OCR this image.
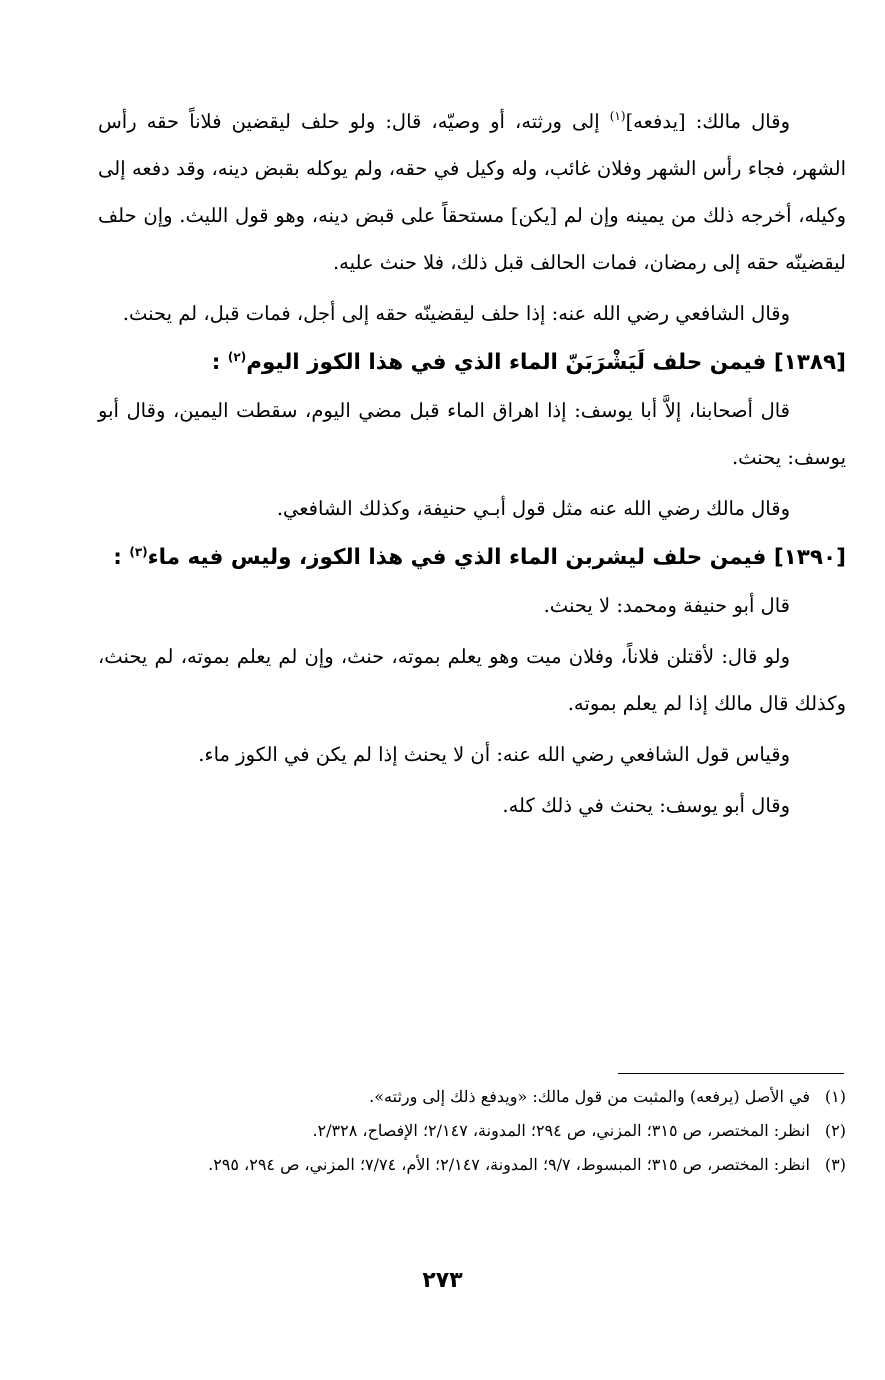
وقال مالك: [يدفعه]$^{(١)}$ إلى ورثته، أو وصيّه، قال: ولو حلف ليقضين فلاناً حقه رأس الشهر، فجاء رأس الشهر وفلان غائب، وله وكيل في حقه، ولم يوكله بقبض دينه، وقد دفعه إلى وكيله، أخرجه ذلك من يمينه وإن لم [يكن] مستحقاً على قبض دينه، وهو قول الليث. وإن حلف ليقضينّه حقه إلى رمضان، فمات الحالف قبل ذلك، فلا حنث عليه.

وقال الشافعي رضي الله عنه: إذا حلف ليقضينّه حقه إلى أجل، فمات قبل، لم يحنث.

[١٣٨٩] فيمن حلف لَيَشْرَبَنّ الماء الذي في هذا الكوز اليوم$^{(٢)}$ :

قال أصحابنا، إلاَّ أبا يوسف: إذا اهراق الماء قبل مضي اليوم، سقطت اليمين، وقال أبو يوسف: يحنث.

وقال مالك رضي الله عنه مثل قول أبـي حنيفة، وكذلك الشافعي.

[١٣٩٠] فيمن حلف ليشربن الماء الذي في هذا الكوز، وليس فيه ماء$^{(٣)}$ :

قال أبو حنيفة ومحمد: لا يحنث.

ولو قال: لأقتلن فلاناً، وفلان ميت وهو يعلم بموته، حنث، وإن لم يعلم بموته، لم يحنث، وكذلك قال مالك إذا لم يعلم بموته.

وقياس قول الشافعي رضي الله عنه: أن لا يحنث إذا لم يكن في الكوز ماء.

وقال أبو يوسف: يحنث في ذلك كله.

(١)
في الأصل (يرفعه) والمثبت من قول مالك: «ويدفع ذلك إلى ورثته».
(٢)
انظر: المختصر، ص ٣١٥؛ المزني، ص ٢٩٤؛ المدونة، ٢/١٤٧؛ الإفصاح، ٢/٣٢٨.
(٣)
انظر: المختصر، ص ٣١٥؛ المبسوط، ٩/٧؛ المدونة، ٢/١٤٧؛ الأم، ٧/٧٤؛ المزني، ص ٢٩٤، ٢٩٥.
٢٧٣
